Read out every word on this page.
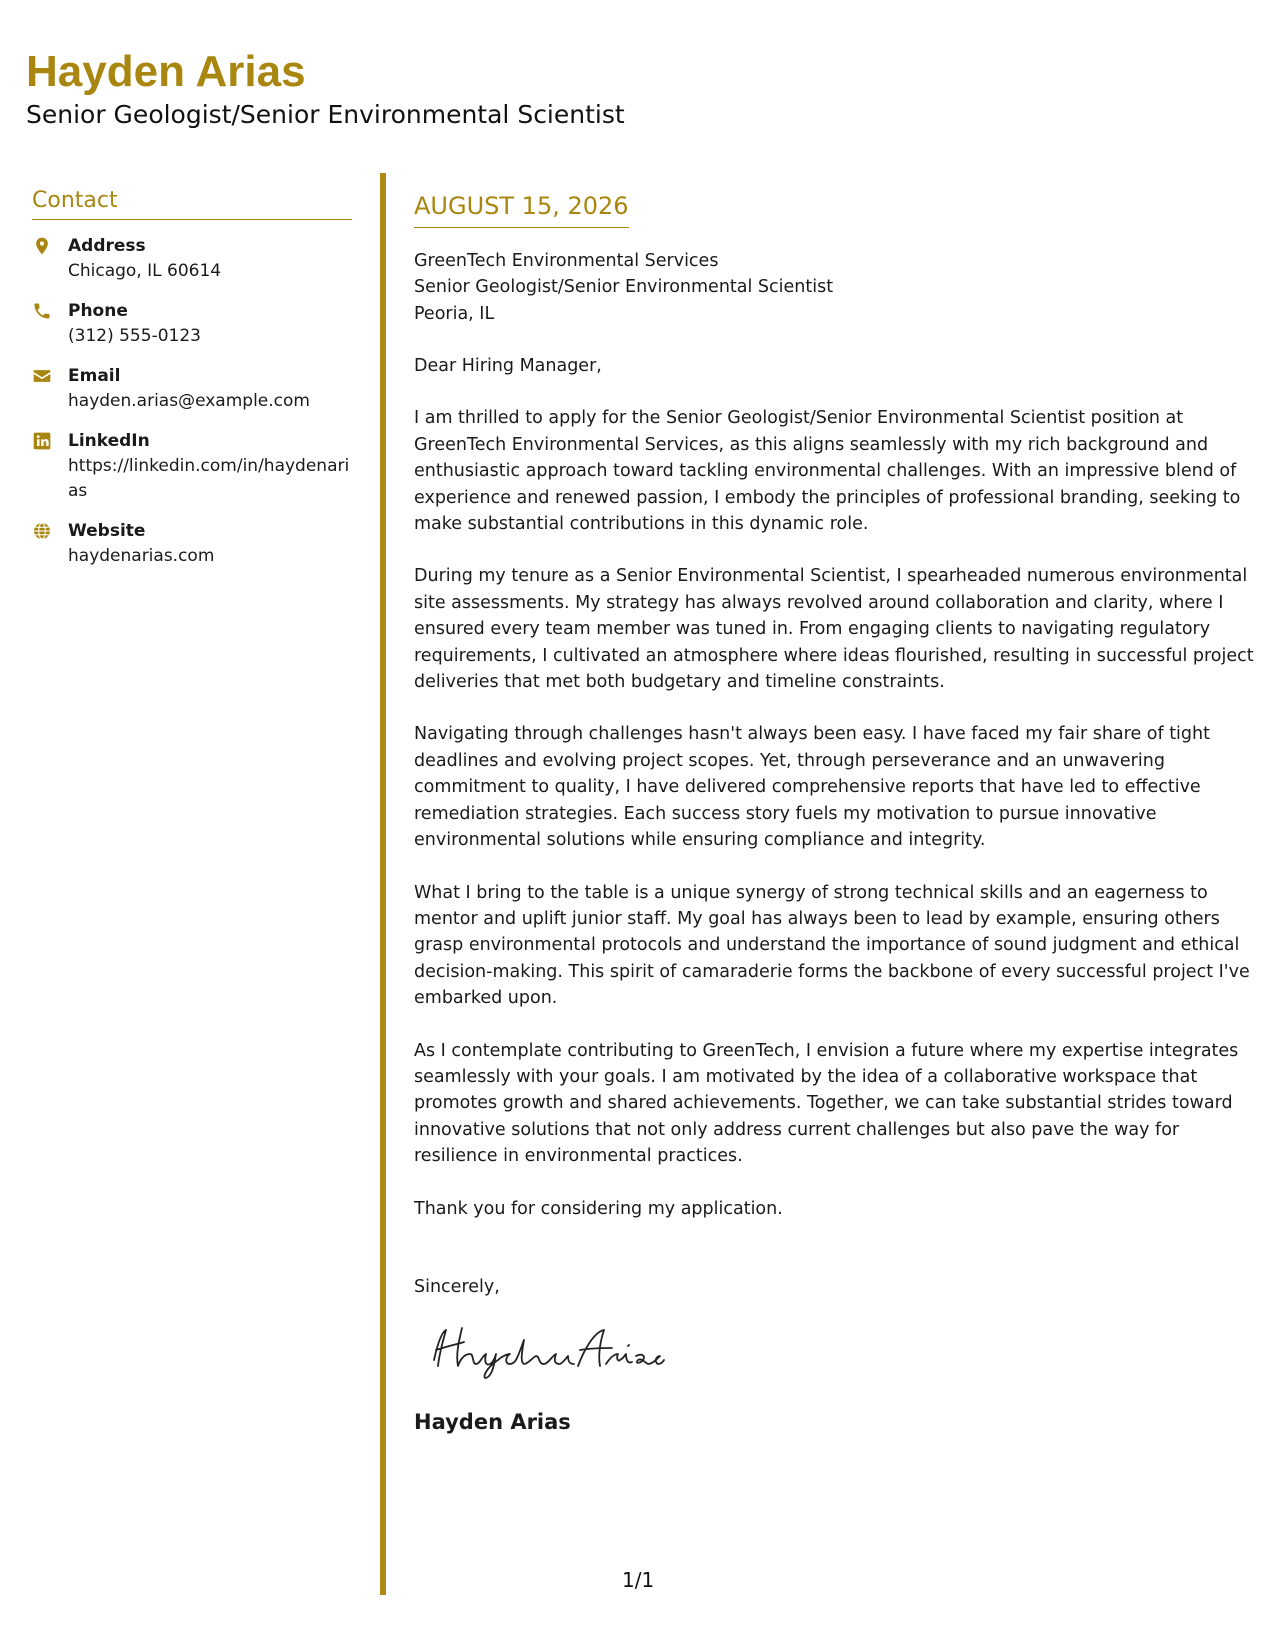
Hayden Arias
Senior Geologist/Senior Environmental Scientist
Contact
Address
Chicago, IL 60614
Phone
(312) 555-0123
Email
hayden.arias@example.com
LinkedIn
https://linkedin.com/in/haydenarias
Website
haydenarias.com
AUGUST 15, 2026
GreenTech Environmental Services
Senior Geologist/Senior Environmental Scientist
Peoria, IL
Dear Hiring Manager,

I am thrilled to apply for the Senior Geologist/Senior Environmental Scientist position at GreenTech Environmental Services, as this aligns seamlessly with my rich background and enthusiastic approach toward tackling environmental challenges. With an impressive blend of experience and renewed passion, I embody the principles of professional branding, seeking to make substantial contributions in this dynamic role.

During my tenure as a Senior Environmental Scientist, I spearheaded numerous environmental site assessments. My strategy has always revolved around collaboration and clarity, where I ensured every team member was tuned in. From engaging clients to navigating regulatory requirements, I cultivated an atmosphere where ideas flourished, resulting in successful project deliveries that met both budgetary and timeline constraints.

Navigating through challenges hasn't always been easy. I have faced my fair share of tight deadlines and evolving project scopes. Yet, through perseverance and an unwavering commitment to quality, I have delivered comprehensive reports that have led to effective remediation strategies. Each success story fuels my motivation to pursue innovative environmental solutions while ensuring compliance and integrity.

What I bring to the table is a unique synergy of strong technical skills and an eagerness to mentor and uplift junior staff. My goal has always been to lead by example, ensuring others grasp environmental protocols and understand the importance of sound judgment and ethical decision-making. This spirit of camaraderie forms the backbone of every successful project I've embarked upon.

As I contemplate contributing to GreenTech, I envision a future where my expertise integrates seamlessly with your goals. I am motivated by the idea of a collaborative workspace that promotes growth and shared achievements. Together, we can take substantial strides toward innovative solutions that not only address current challenges but also pave the way for resilience in environmental practices.

Thank you for considering my application.

Sincerely,
Hayden Arias
1/1
